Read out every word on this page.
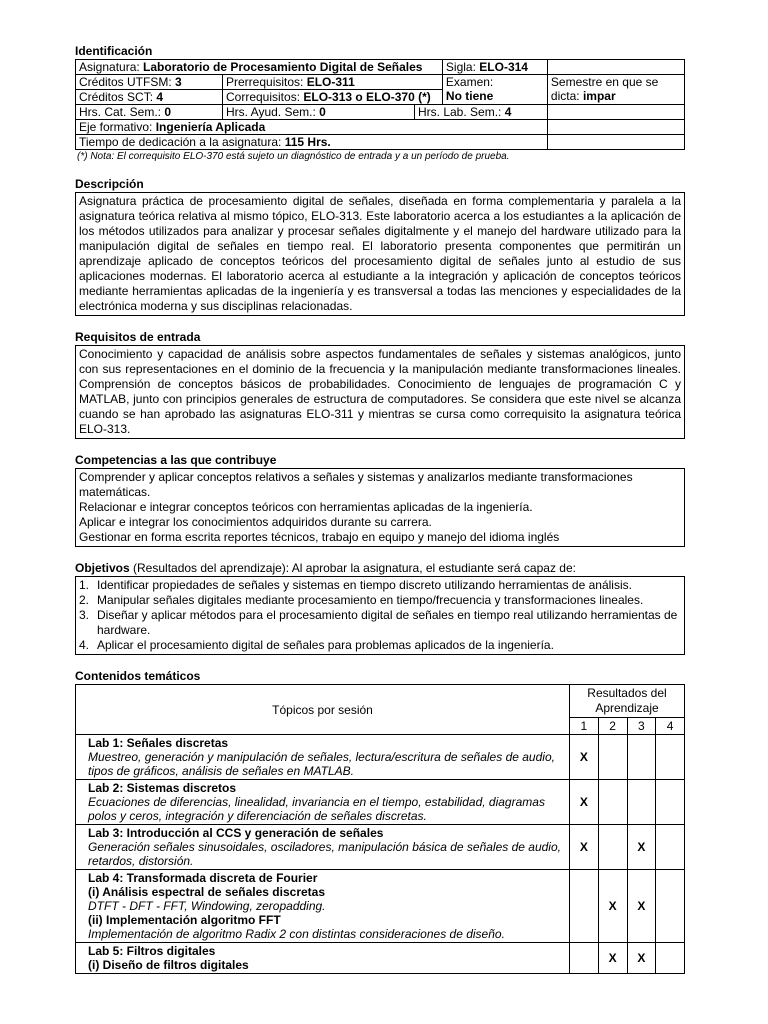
Identificación

Asignatura: Laboratorio de Procesamiento Digital de Señales			Sigla: ELO-314	
Créditos UTFSM: 3	Prerrequisitos: ELO-311		Examen:
No tiene	Semestre en que se dicta: impar
Créditos SCT: 4	Correquisitos: ELO-313 o ELO-370 (*)			
Hrs. Cat. Sem.: 0	Hrs. Ayud. Sem.: 0	Hrs. Lab. Sem.: 4		
Eje formativo: Ingeniería Aplicada				
Tiempo de dedicación a la asignatura: 115 Hrs.				

(*) Nota: El correquisito ELO-370 está sujeto un diagnóstico de entrada y a un período de prueba.

Descripción

Asignatura práctica de procesamiento digital de señales, diseñada en forma complementaria y paralela a la asignatura teórica relativa al mismo tópico, ELO-313. Este laboratorio acerca a los estudiantes a la aplicación de los métodos utilizados para analizar y procesar señales digitalmente y el manejo del hardware utilizado para la manipulación digital de señales en tiempo real. El laboratorio presenta componentes que permitirán un aprendizaje aplicado de conceptos teóricos del procesamiento digital de señales junto al estudio de sus aplicaciones modernas. El laboratorio acerca al estudiante a la integración y aplicación de conceptos teóricos mediante herramientas aplicadas de la ingeniería y es transversal a todas las menciones y especialidades de la electrónica moderna y sus disciplinas relacionadas.

Requisitos de entrada

Conocimiento y capacidad de análisis sobre aspectos fundamentales de señales y sistemas analógicos, junto con sus representaciones en el dominio de la frecuencia y la manipulación mediante transformaciones lineales. Comprensión de conceptos básicos de probabilidades. Conocimiento de lenguajes de programación C y MATLAB, junto con principios generales de estructura de computadores. Se considera que este nivel se alcanza cuando se han aprobado las asignaturas ELO-311 y mientras se cursa como correquisito la asignatura teórica ELO-313.

Competencias a las que contribuye

Comprender y aplicar conceptos relativos a señales y sistemas y analizarlos mediante transformaciones matemáticas.

Relacionar e integrar conceptos teóricos con herramientas aplicadas de la ingeniería.

Aplicar e integrar los conocimientos adquiridos durante su carrera.

Gestionar en forma escrita reportes técnicos, trabajo en equipo y manejo del idioma inglés

Objetivos (Resultados del aprendizaje): Al aprobar la asignatura, el estudiante será capaz de:

1. Identificar propiedades de señales y sistemas en tiempo discreto utilizando herramientas de análisis.
2. Manipular señales digitales mediante procesamiento en tiempo/frecuencia y transformaciones lineales.
3. Diseñar y aplicar métodos para el procesamiento digital de señales en tiempo real utilizando herramientas de hardware.
4. Aplicar el procesamiento digital de señales para problemas aplicados de la ingeniería.

Contenidos temáticos

Tópicos por sesión	Resultados del Aprendizaje			
	1	2	3	4

Lab 1: Señales discretas
Muestreo, generación y manipulación de señales, lectura/escritura de señales de audio, tipos de gráficos, análisis de señales en MATLAB.	X			

Lab 2: Sistemas discretos
Ecuaciones de diferencias, linealidad, invariancia en el tiempo, estabilidad, diagramas polos y ceros, integración y diferenciación de señales discretas.	X			

Lab 3: Introducción al CCS y generación de señales
Generación señales sinusoidales, osciladores, manipulación básica de señales de audio, retardos, distorsión.	X		X	

Lab 4: Transformada discreta de Fourier
(i) Análisis espectral de señales discretas
DTFT - DFT - FFT, Windowing, zeropadding.
(ii) Implementación algoritmo FFT
Implementación de algoritmo Radix 2 con distintas consideraciones de diseño.		X	X	

Lab 5: Filtros digitales
(i) Diseño de filtros digitales		X	X	
